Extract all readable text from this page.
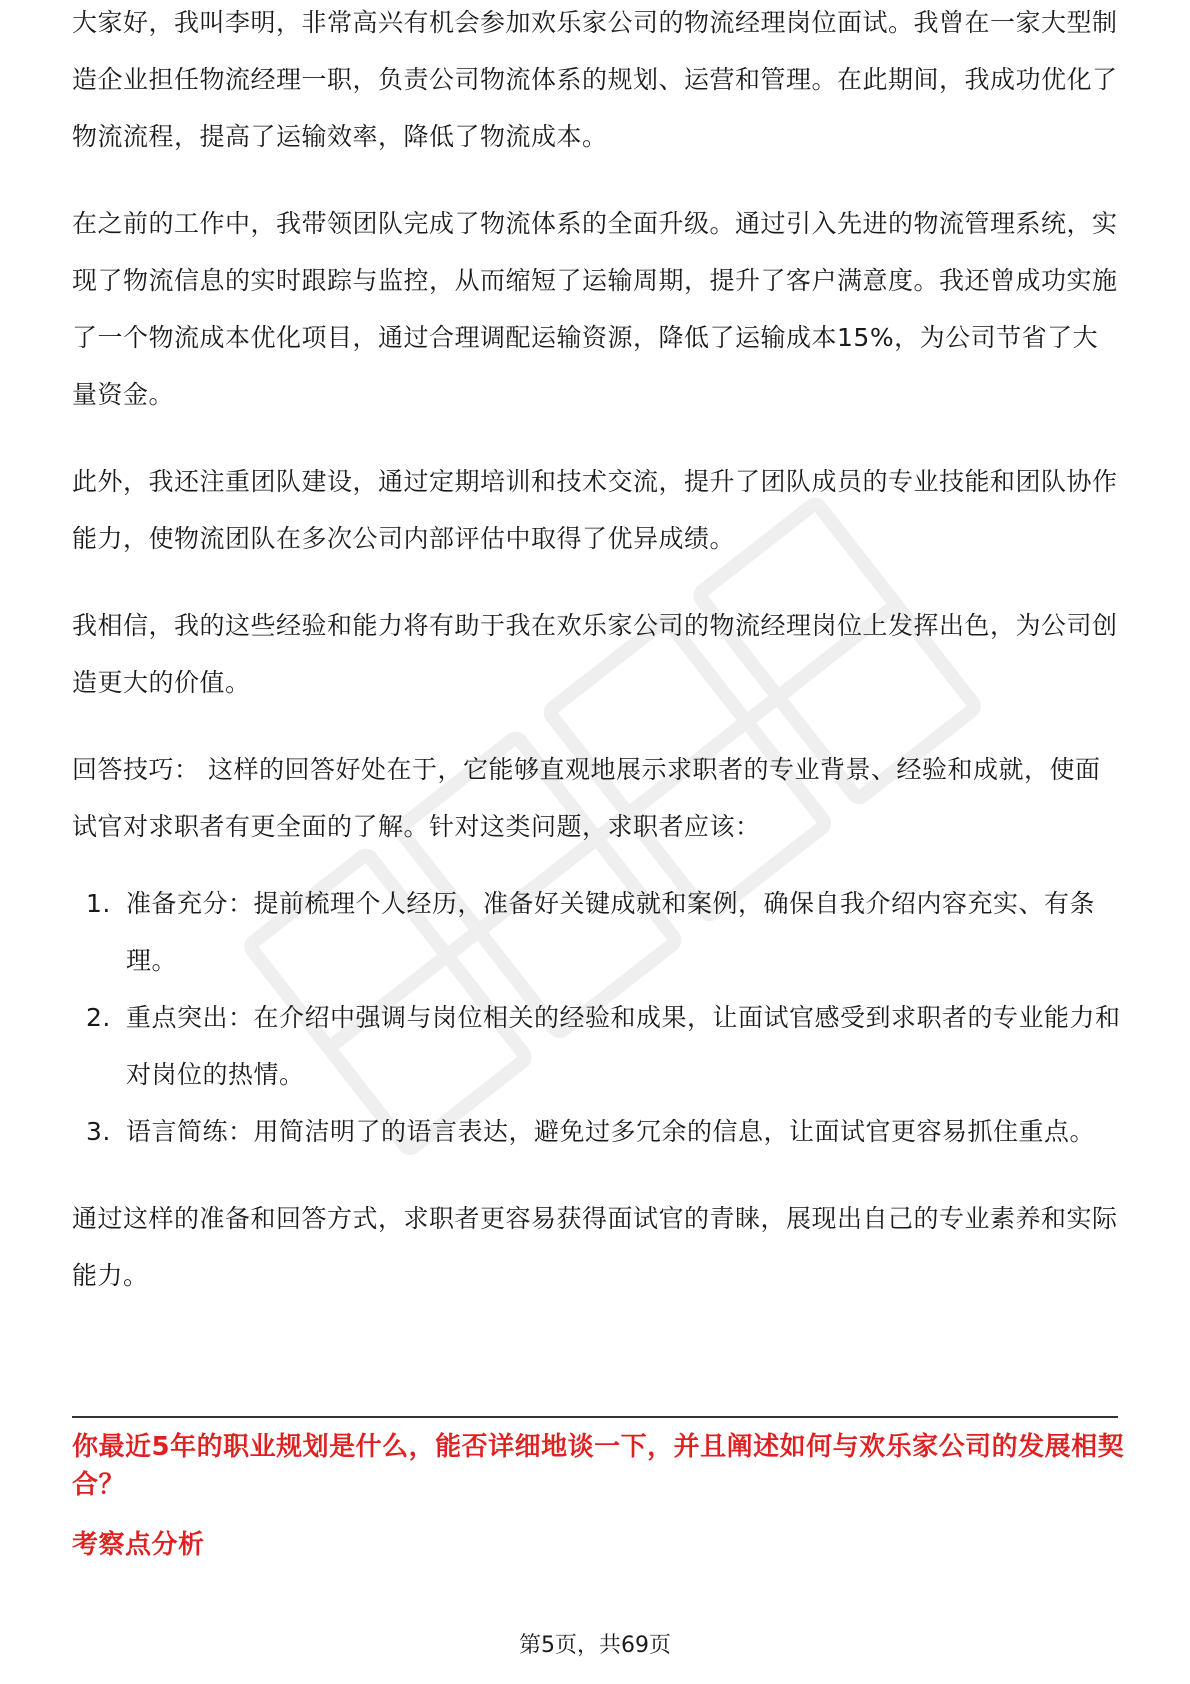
大家好，我叫李明，非常高兴有机会参加欢乐家公司的物流经理岗位面试。我曾在一家大型制造企业担任物流经理一职，负责公司物流体系的规划、运营和管理。在此期间，我成功优化了物流流程，提高了运输效率，降低了物流成本。

在之前的工作中，我带领团队完成了物流体系的全面升级。通过引入先进的物流管理系统，实现了物流信息的实时跟踪与监控，从而缩短了运输周期，提升了客户满意度。我还曾成功实施了一个物流成本优化项目，通过合理调配运输资源，降低了运输成本15%，为公司节省了大量资金。

此外，我还注重团队建设，通过定期培训和技术交流，提升了团队成员的专业技能和团队协作能力，使物流团队在多次公司内部评估中取得了优异成绩。

我相信，我的这些经验和能力将有助于我在欢乐家公司的物流经理岗位上发挥出色，为公司创造更大的价值。

回答技巧： 这样的回答好处在于，它能够直观地展示求职者的专业背景、经验和成就，使面试官对求职者有更全面的了解。针对这类问题，求职者应该：

1. 准备充分：提前梳理个人经历，准备好关键成就和案例，确保自我介绍内容充实、有条理。
2. 重点突出：在介绍中强调与岗位相关的经验和成果，让面试官感受到求职者的专业能力和对岗位的热情。
3. 语言简练：用简洁明了的语言表达，避免过多冗余的信息，让面试官更容易抓住重点。

通过这样的准备和回答方式，求职者更容易获得面试官的青睐，展现出自己的专业素养和实际能力。

你最近5年的职业规划是什么，能否详细地谈一下，并且阐述如何与欢乐家公司的发展相契合？
考察点分析
第5页，共69页
